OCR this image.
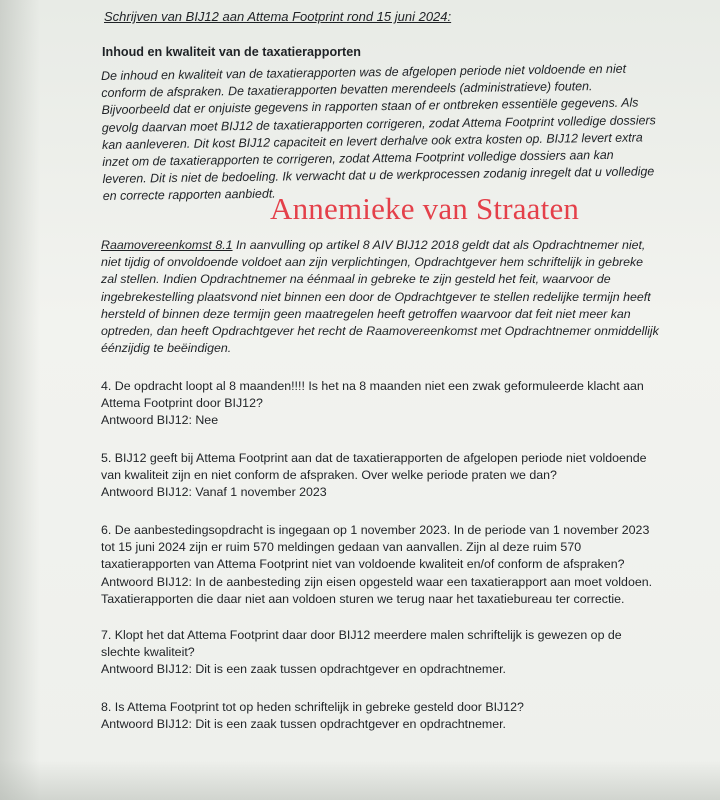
Schrijven van BIJ12 aan Attema Footprint rond 15 juni 2024:
Inhoud en kwaliteit van de taxatierapporten
De inhoud en kwaliteit van de taxatierapporten was de afgelopen periode niet voldoende en niet
conform de afspraken. De taxatierapporten bevatten merendeels (administratieve) fouten.
Bijvoorbeeld dat er onjuiste gegevens in rapporten staan of er ontbreken essentiële gegevens. Als
gevolg daarvan moet BIJ12 de taxatierapporten corrigeren, zodat Attema Footprint volledige dossiers
kan aanleveren. Dit kost BIJ12 capaciteit en levert derhalve ook extra kosten op. BIJ12 levert extra
inzet om de taxatierapporten te corrigeren, zodat Attema Footprint volledige dossiers aan kan
leveren. Dit is niet de bedoeling. Ik verwacht dat u de werkprocessen zodanig inregelt dat u volledige
en correcte rapporten aanbiedt.
Annemieke van Straaten
Raamovereenkomst 8.1 In aanvulling op artikel 8 AIV BIJ12 2018 geldt dat als Opdrachtnemer niet,
niet tijdig of onvoldoende voldoet aan zijn verplichtingen, Opdrachtgever hem schriftelijk in gebreke
zal stellen. Indien Opdrachtnemer na éénmaal in gebreke te zijn gesteld het feit, waarvoor de
ingebrekestelling plaatsvond niet binnen een door de Opdrachtgever te stellen redelijke termijn heeft
hersteld of binnen deze termijn geen maatregelen heeft getroffen waarvoor dat feit niet meer kan
optreden, dan heeft Opdrachtgever het recht de Raamovereenkomst met Opdrachtnemer onmiddellijk
éénzijdig te beëindigen.
4. De opdracht loopt al 8 maanden!!!! Is het na 8 maanden niet een zwak geformuleerde klacht aan
Attema Footprint door BIJ12?
Antwoord BIJ12: Nee
5. BIJ12 geeft bij Attema Footprint aan dat de taxatierapporten de afgelopen periode niet voldoende
van kwaliteit zijn en niet conform de afspraken. Over welke periode praten we dan?
Antwoord BIJ12: Vanaf 1 november 2023
6. De aanbestedingsopdracht is ingegaan op 1 november 2023. In de periode van 1 november 2023
tot 15 juni 2024 zijn er ruim 570 meldingen gedaan van aanvallen. Zijn al deze ruim 570
taxatierapporten van Attema Footprint niet van voldoende kwaliteit en/of conform de afspraken?
Antwoord BIJ12: In de aanbesteding zijn eisen opgesteld waar een taxatierapport aan moet voldoen.
Taxatierapporten die daar niet aan voldoen sturen we terug naar het taxatiebureau ter correctie.
7. Klopt het dat Attema Footprint daar door BIJ12 meerdere malen schriftelijk is gewezen op de
slechte kwaliteit?
Antwoord BIJ12: Dit is een zaak tussen opdrachtgever en opdrachtnemer.
8. Is Attema Footprint tot op heden schriftelijk in gebreke gesteld door BIJ12?
Antwoord BIJ12: Dit is een zaak tussen opdrachtgever en opdrachtnemer.
